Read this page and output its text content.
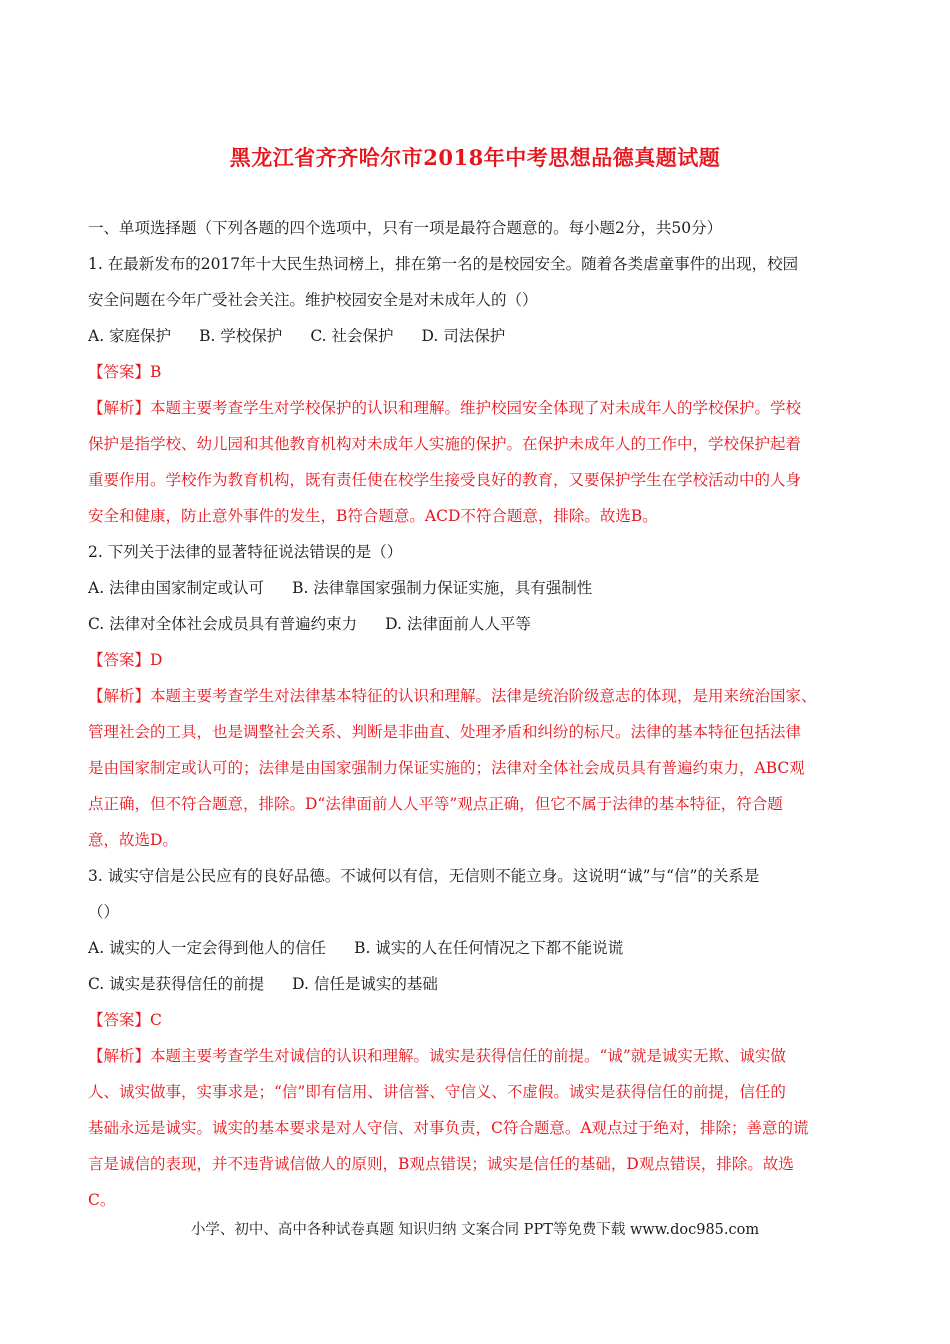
黑龙江省齐齐哈尔市2018年中考思想品德真题试题
一、单项选择题（下列各题的四个选项中，只有一项是最符合题意的。每小题2分，共50分）
1. 在最新发布的2017年十大民生热词榜上，排在第一名的是校园安全。随着各类虐童事件的出现，校园
安全问题在今年广受社会关注。维护校园安全是对未成年人的（）
A. 家庭保护 B. 学校保护 C. 社会保护 D. 司法保护
【答案】B
【解析】本题主要考查学生对学校保护的认识和理解。维护校园安全体现了对未成年人的学校保护。学校
保护是指学校、幼儿园和其他教育机构对未成年人实施的保护。在保护未成年人的工作中，学校保护起着
重要作用。学校作为教育机构，既有责任使在校学生接受良好的教育，又要保护学生在学校活动中的人身
安全和健康，防止意外事件的发生，B符合题意。ACD不符合题意，排除。故选B。
2. 下列关于法律的显著特征说法错误的是（）
A. 法律由国家制定或认可 B. 法律靠国家强制力保证实施，具有强制性
C. 法律对全体社会成员具有普遍约束力 D. 法律面前人人平等
【答案】D
【解析】本题主要考查学生对法律基本特征的认识和理解。法律是统治阶级意志的体现，是用来统治国家、
管理社会的工具，也是调整社会关系、判断是非曲直、处理矛盾和纠纷的标尺。法律的基本特征包括法律
是由国家制定或认可的；法律是由国家强制力保证实施的；法律对全体社会成员具有普遍约束力，ABC观
点正确，但不符合题意，排除。D“法律面前人人平等”观点正确，但它不属于法律的基本特征，符合题
意，故选D。
3. 诚实守信是公民应有的良好品德。不诚何以有信，无信则不能立身。这说明“诚”与“信”的关系是
（）
A. 诚实的人一定会得到他人的信任 B. 诚实的人在任何情况之下都不能说谎
C. 诚实是获得信任的前提 D. 信任是诚实的基础
【答案】C
【解析】本题主要考查学生对诚信的认识和理解。诚实是获得信任的前提。“诚”就是诚实无欺、诚实做
人、诚实做事，实事求是；“信”即有信用、讲信誉、守信义、不虚假。诚实是获得信任的前提，信任的
基础永远是诚实。诚实的基本要求是对人守信、对事负责，C符合题意。A观点过于绝对，排除；善意的谎
言是诚信的表现，并不违背诚信做人的原则，B观点错误；诚实是信任的基础，D观点错误，排除。故选
C。
小学、初中、高中各种试卷真题 知识归纳 文案合同 PPT等免费下载 www.doc985.com
